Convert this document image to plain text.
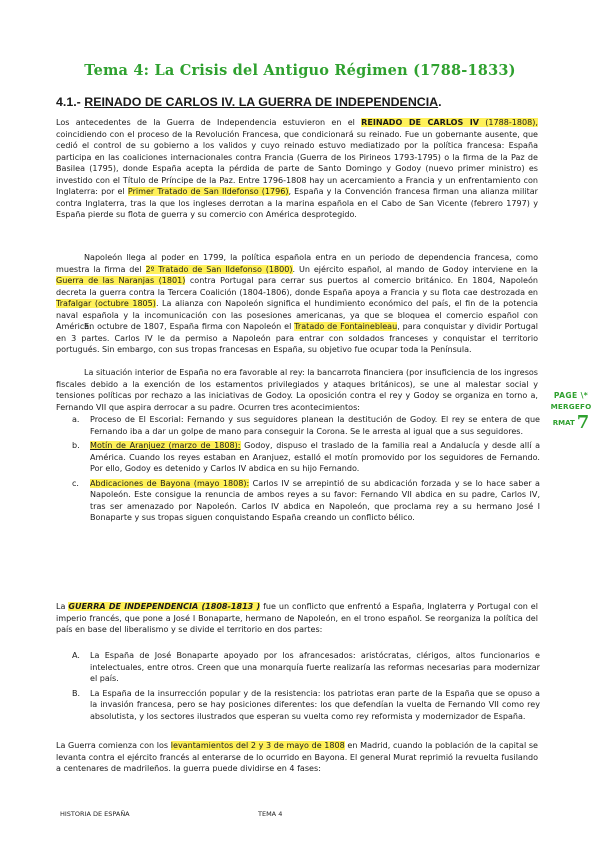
Tema 4: La Crisis del Antiguo Régimen (1788-1833)
4.1.- REINADO DE CARLOS IV. LA GUERRA DE INDEPENDENCIA.

Los antecedentes de la Guerra de Independencia estuvieron en el REINADO DE CARLOS IV (1788-1808), coincidiendo con el proceso de la Revolución Francesa, que condicionará su reinado. Fue un gobernante ausente, que cedió el control de su gobierno a los validos y cuyo reinado estuvo mediatizado por la política francesa: España participa en las coaliciones internacionales contra Francia (Guerra de los Pirineos 1793-1795) o la firma de la Paz de Basilea (1795), donde España acepta la pérdida de parte de Santo Domingo y Godoy (nuevo primer ministro) es investido con el Título de Príncipe de la Paz. Entre 1796-1808 hay un acercamiento a Francia y un enfrentamiento con Inglaterra: por el Primer Tratado de San Ildefonso (1796), España y la Convención francesa firman una alianza militar contra Inglaterra, tras la que los ingleses derrotan a la marina española en el Cabo de San Vicente (febrero 1797) y España pierde su flota de guerra y su comercio con América desprotegido.

Napoleón llega al poder en 1799, la política española entra en un periodo de dependencia francesa, como muestra la firma del 2º Tratado de San Ildefonso (1800). Un ejército español, al mando de Godoy interviene en la Guerra de las Naranjas (1801) contra Portugal para cerrar sus puertos al comercio británico. En 1804, Napoleón decreta la guerra contra la Tercera Coalición (1804-1806), donde España apoya a Francia y su flota cae destrozada en Trafalgar (octubre 1805). La alianza con Napoleón significa el hundimiento económico del país, el fin de la potencia naval española y la incomunicación con las posesiones americanas, ya que se bloquea el comercio español con América.

En octubre de 1807, España firma con Napoleón el Tratado de Fontainebleau, para conquistar y dividir Portugal en 3 partes. Carlos IV le da permiso a Napoleón para entrar con soldados franceses y conquistar el territorio portugués. Sin embargo, con sus tropas francesas en España, su objetivo fue ocupar toda la Península.

La situación interior de España no era favorable al rey: la bancarrota financiera (por insuficiencia de los ingresos fiscales debido a la exención de los estamentos privilegiados y ataques británicos), se une al malestar social y tensiones políticas por rechazo a las iniciativas de Godoy. La oposición contra el rey y Godoy se organiza en torno a, Fernando VII que aspira derrocar a su padre. Ocurren tres acontecimientos:

a. Proceso de El Escorial: Fernando y sus seguidores planean la destitución de Godoy. El rey se entera de que Fernando iba a dar un golpe de mano para conseguir la Corona. Se le arresta al igual que a sus seguidores.
b. Motín de Aranjuez (marzo de 1808): Godoy, dispuso el traslado de la familia real a Andalucía y desde allí a América. Cuando los reyes estaban en Aranjuez, estalló el motín promovido por los seguidores de Fernando. Por ello, Godoy es detenido y Carlos IV abdica en su hijo Fernando.
c. Abdicaciones de Bayona (mayo 1808): Carlos IV se arrepintió de su abdicación forzada y se lo hace saber a Napoleón. Este consigue la renuncia de ambos reyes a su favor: Fernando VII abdica en su padre, Carlos IV, tras ser amenazado por Napoleón. Carlos IV abdica en Napoleón, que proclama rey a su hermano José I Bonaparte y sus tropas siguen conquistando España creando un conflicto bélico.

La GUERRA DE INDEPENDENCIA (1808-1813 ) fue un conflicto que enfrentó a España, Inglaterra y Portugal con el imperio francés, que pone a José I Bonaparte, hermano de Napoleón, en el trono español. Se reorganiza la política del país en base del liberalismo y se divide el territorio en dos partes:

A. La España de José Bonaparte apoyado por los afrancesados: aristócratas, clérigos, altos funcionarios e intelectuales, entre otros. Creen que una monarquía fuerte realizaría las reformas necesarias para modernizar el país.
B. La España de la insurrección popular y de la resistencia: los patriotas eran parte de la España que se opuso a la invasión francesa, pero se hay posiciones diferentes: los que defendían la vuelta de Fernando VII como rey absolutista, y los sectores ilustrados que esperan su vuelta como rey reformista y modernizador de España.

La Guerra comienza con los levantamientos del 2 y 3 de mayo de 1808 en Madrid, cuando la población de la capital se levanta contra el ejército francés al enterarse de lo ocurrido en Bayona. El general Murat reprimió la revuelta fusilando a centenares de madrileños. la guerra puede dividirse en 4 fases:

PAGE \*
MERGEFO
RMAT 7
HISTORIA DE ESPAÑA	TEMA 4
